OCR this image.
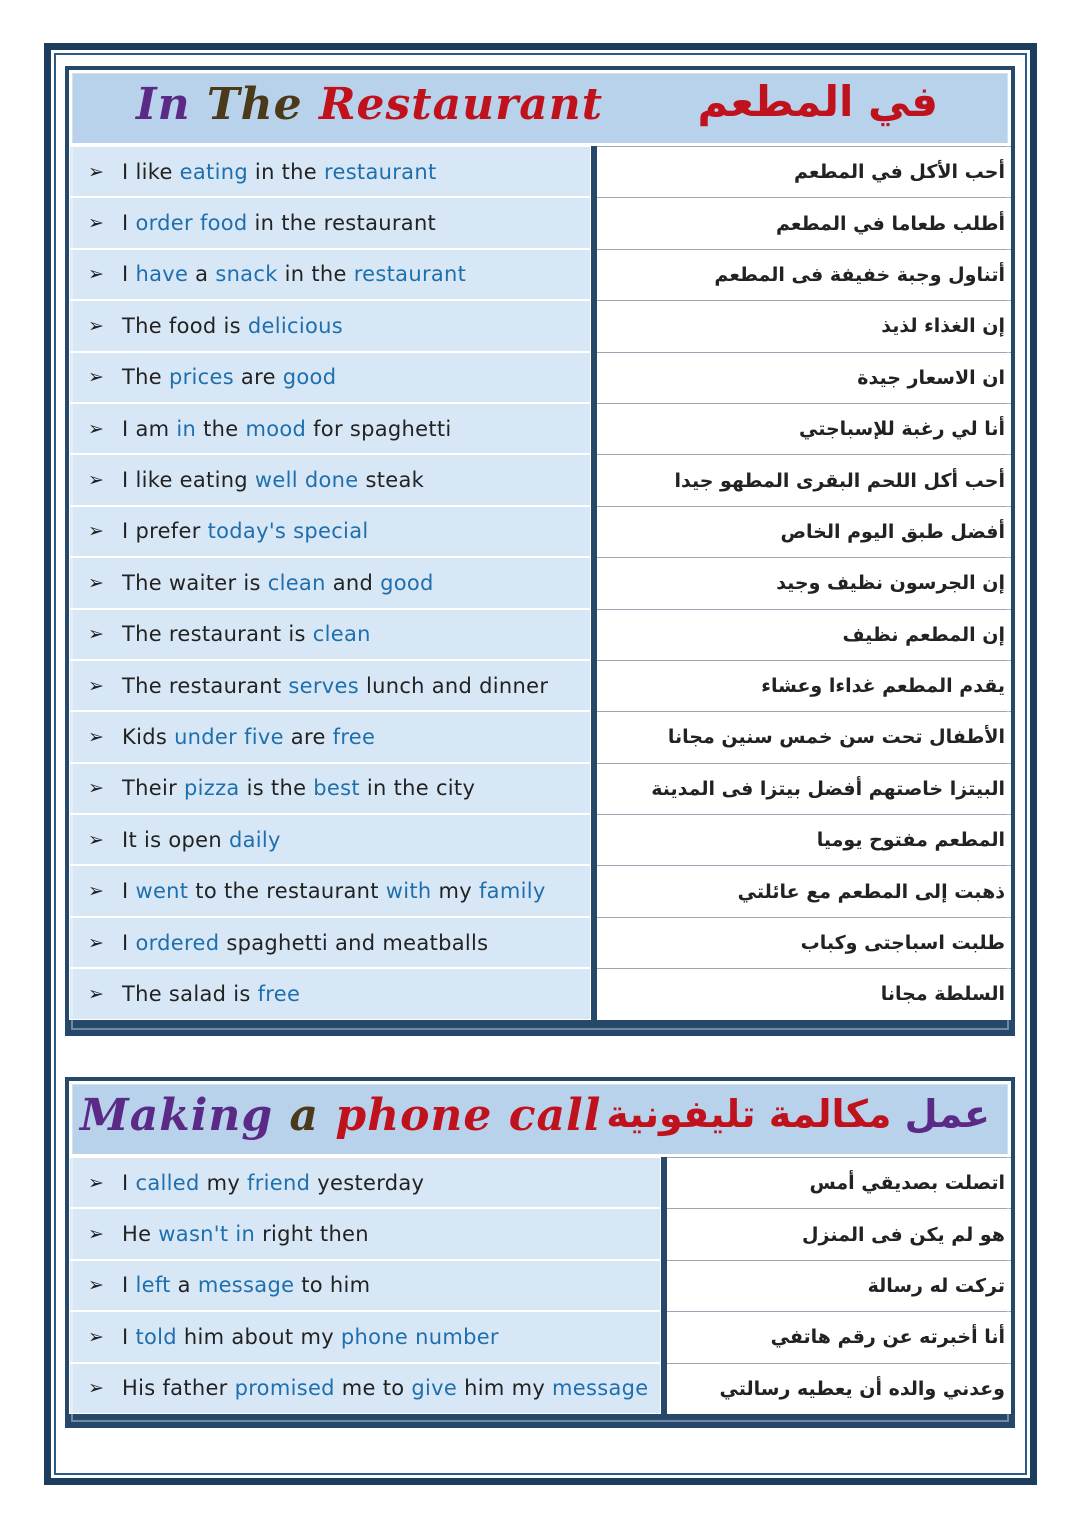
In The Restaurant في المطعم
➢ I like eating in the restaurant	أحب الأكل في المطعم
➢ I order food in the restaurant	أطلب طعاما في المطعم
➢ I have a snack in the restaurant	أتناول وجبة خفيفة فى المطعم
➢ The food is delicious	إن الغذاء لذيذ
➢ The prices are good	ان الاسعار جيدة
➢ I am in the mood for spaghetti	أنا لي رغبة للإسباجتي
➢ I like eating well done steak	أحب أكل اللحم البقرى المطهو جيدا
➢ I prefer today's special	أفضل طبق اليوم الخاص
➢ The waiter is clean and good	إن الجرسون نظيف وجيد
➢ The restaurant is clean	إن المطعم نظيف
➢ The restaurant serves lunch and dinner	يقدم المطعم غداءا وعشاء
➢ Kids under five are free	الأطفال تحت سن خمس سنين مجانا
➢ Their pizza is the best in the city	البيتزا خاصتهم أفضل بيتزا فى المدينة
➢ It is open daily	المطعم مفتوح يوميا
➢ I went to the restaurant with my family	ذهبت إلى المطعم مع عائلتي
➢ I ordered spaghetti and meatballs	طلبت اسباجتى وكباب
➢ The salad is free	السلطة مجانا
Making a phone call	عمل مكالمة تليفونية
➢ I called my friend yesterday	اتصلت بصديقي أمس
➢ He wasn't in right then	هو لم يكن فى المنزل
➢ I left a message to him	تركت له رسالة
➢ I told him about my phone number	أنا أخبرته عن رقم هاتفي
➢ His father promised me to give him my message	وعدني والده أن يعطيه رسالتي
